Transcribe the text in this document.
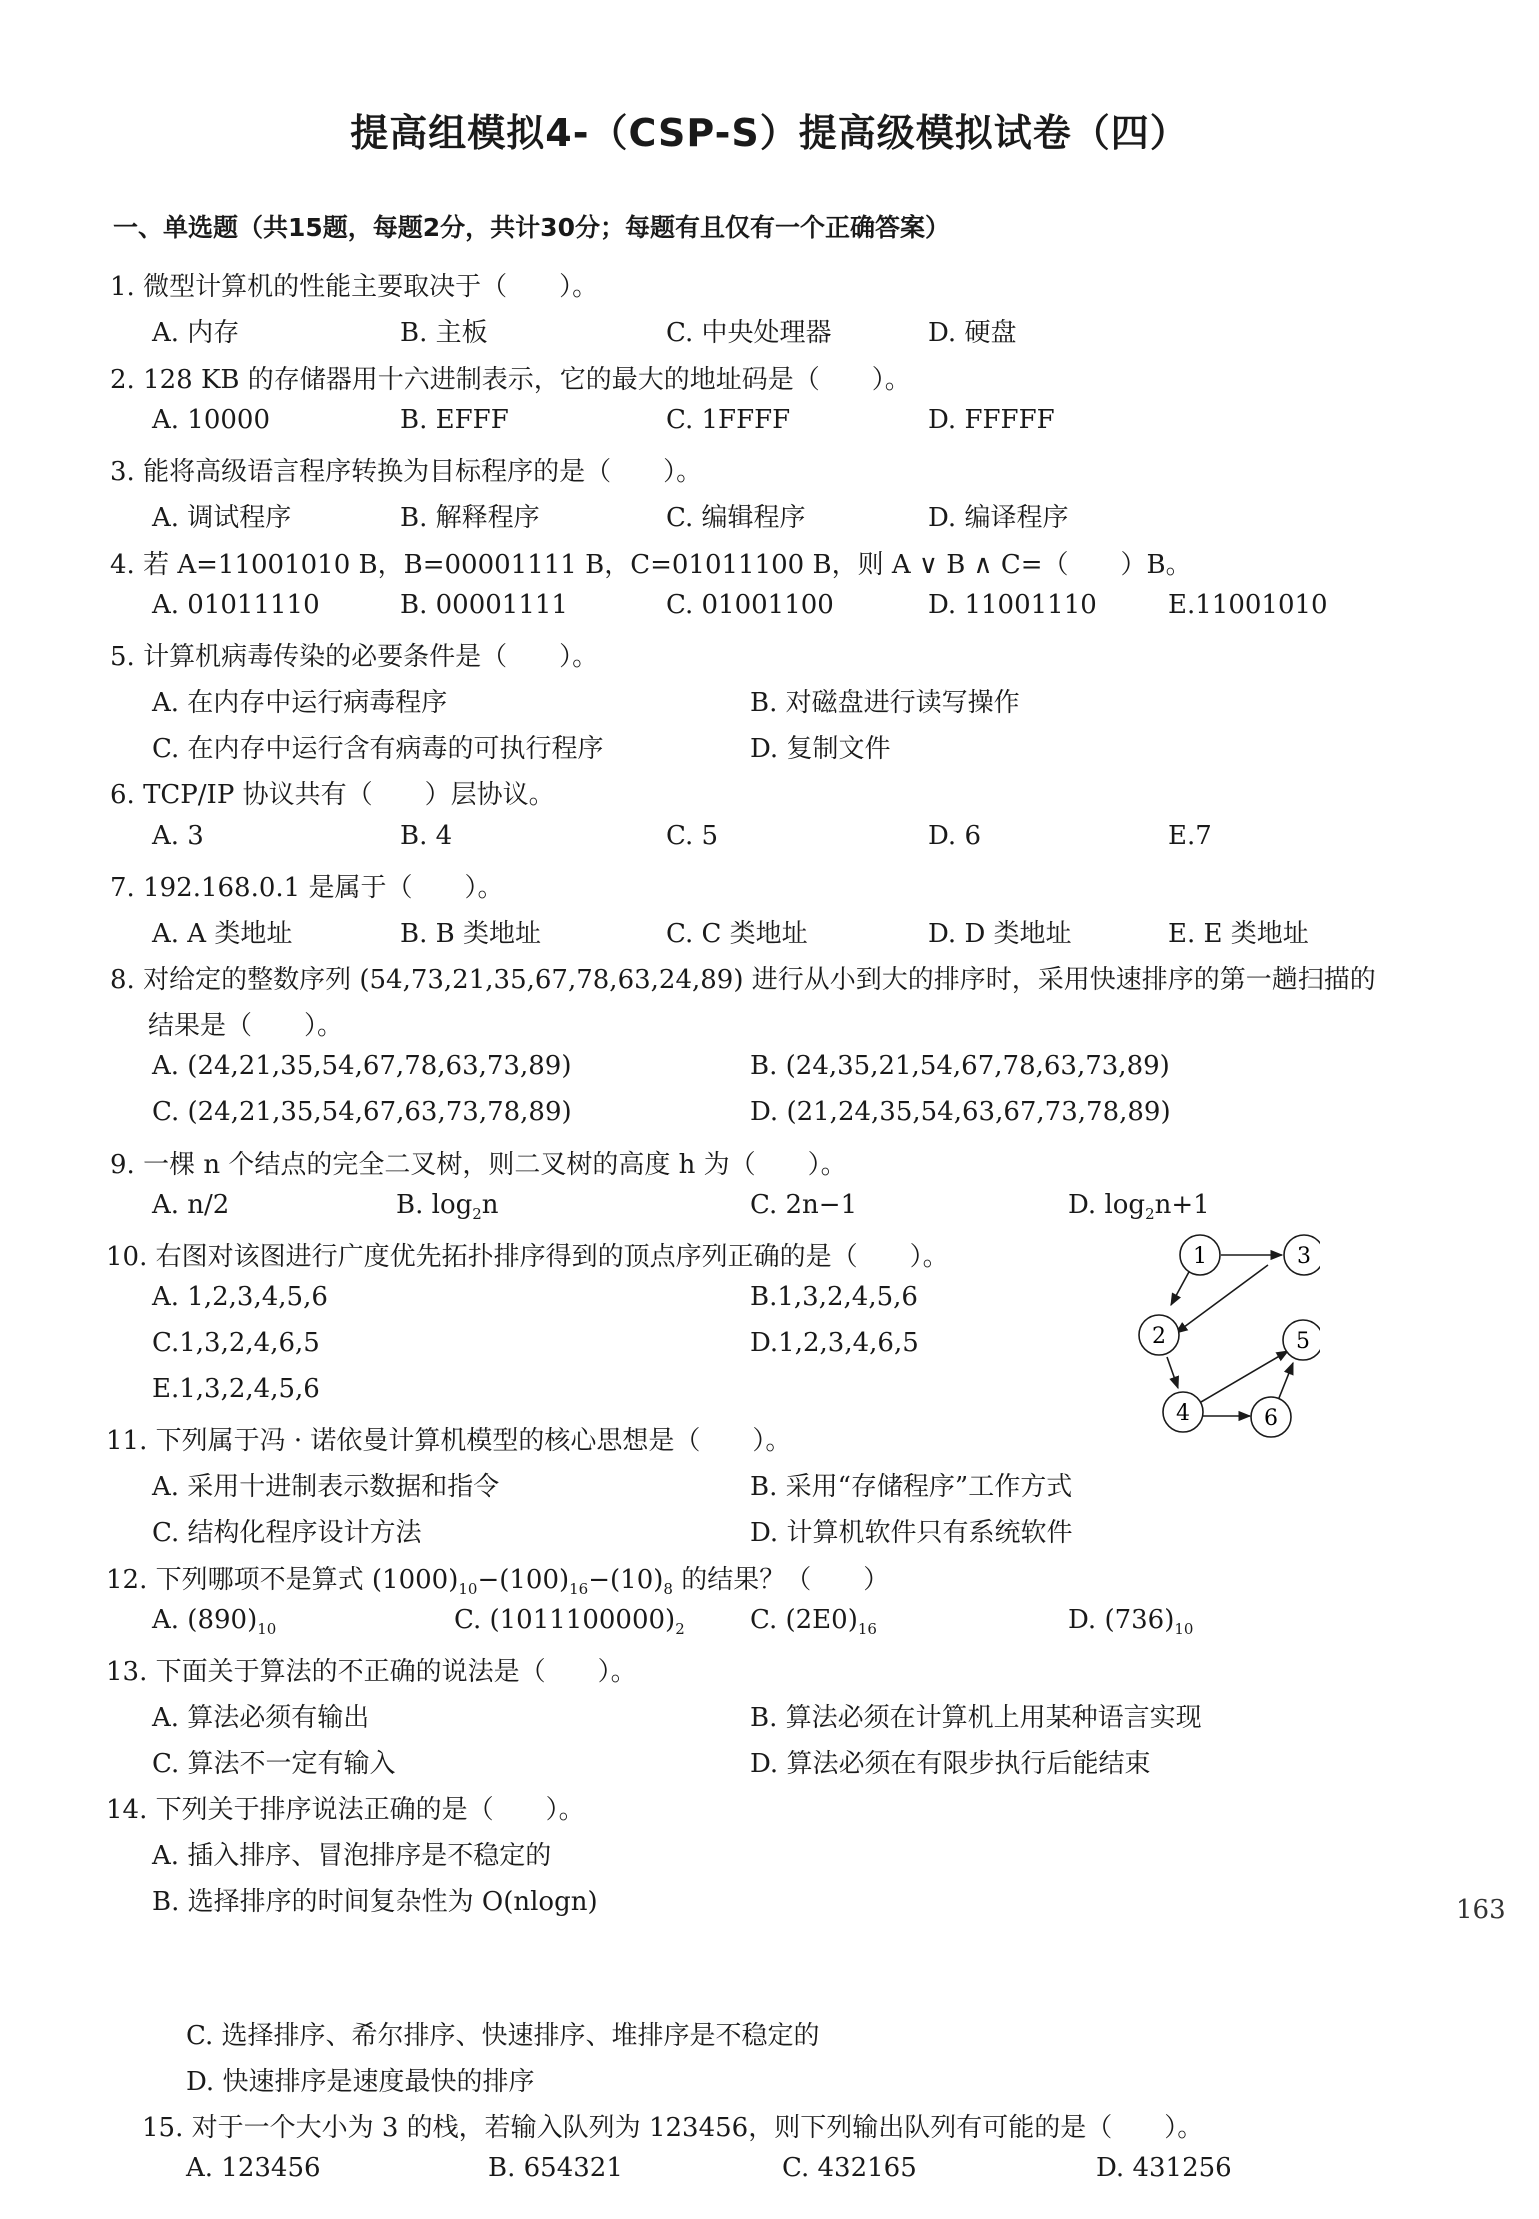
提高组模拟4-（CSP-S）提高级模拟试卷（四）
一、单选题（共15题，每题2分，共计30分；每题有且仅有一个正确答案）
1. 微型计算机的性能主要取决于（　　）。
A. 内存	B. 主板	C. 中央处理器	D. 硬盘
2. 128 KB 的存储器用十六进制表示，它的最大的地址码是（　　）。
A. 10000	B. EFFF	C. 1FFFF	D. FFFFF
3. 能将高级语言程序转换为目标程序的是（　　）。
A. 调试程序	B. 解释程序	C. 编辑程序	D. 编译程序
4. 若 A=11001010 B，B=00001111 B，C=01011100 B，则 A ∨ B ∧ C=（　　）B。
A. 01011110	B. 00001111	C. 01001100	D. 11001110	E.11001010
5. 计算机病毒传染的必要条件是（　　）。
A. 在内存中运行病毒程序	B. 对磁盘进行读写操作
C. 在内存中运行含有病毒的可执行程序	D. 复制文件
6. TCP/IP 协议共有（　　）层协议。
A. 3	B. 4	C. 5	D. 6	E.7
7. 192.168.0.1 是属于（　　）。
A. A 类地址	B. B 类地址	C. C 类地址	D. D 类地址	E. E 类地址
8. 对给定的整数序列 (54,73,21,35,67,78,63,24,89) 进行从小到大的排序时，采用快速排序的第一趟扫描的
结果是（　　）。
A. (24,21,35,54,67,78,63,73,89)	B. (24,35,21,54,67,78,63,73,89)
C. (24,21,35,54,67,63,73,78,89)	D. (21,24,35,54,63,67,73,78,89)
9. 一棵 n 个结点的完全二叉树，则二叉树的高度 h 为（　　）。
A. n/2	B. $\log_2n$	C. 2n−1	D. $\log_2n+1$
10. 右图对该图进行广度优先拓扑排序得到的顶点序列正确的是（　　）。
A. 1,2,3,4,5,6	B.1,3,2,4,5,6
C.1,3,2,4,6,5	D.1,2,3,4,6,5
E.1,3,2,4,5,6
1	3
2	5
4	6
11. 下列属于冯 · 诺依曼计算机模型的核心思想是（　　）。
A. 采用十进制表示数据和指令	B. 采用“存储程序”工作方式
C. 结构化程序设计方法	D. 计算机软件只有系统软件
12. 下列哪项不是算式 $(1000)_{10}-(100)_{16}-(10)_8$ 的结果？（　　）
A. $(890)_{10}$	C. $(1011100000)_2$	C. $(2E0)_{16}$	D. $(736)_{10}$
13. 下面关于算法的不正确的说法是（　　）。
A. 算法必须有输出	B. 算法必须在计算机上用某种语言实现
C. 算法不一定有输入	D. 算法必须在有限步执行后能结束
14. 下列关于排序说法正确的是（　　）。
A. 插入排序、冒泡排序是不稳定的
B. 选择排序的时间复杂性为 O(nlogn)	163
C. 选择排序、希尔排序、快速排序、堆排序是不稳定的
D. 快速排序是速度最快的排序
15. 对于一个大小为 3 的栈，若输入队列为 123456，则下列输出队列有可能的是（　　）。
A. 123456	B. 654321	C. 432165	D. 431256
